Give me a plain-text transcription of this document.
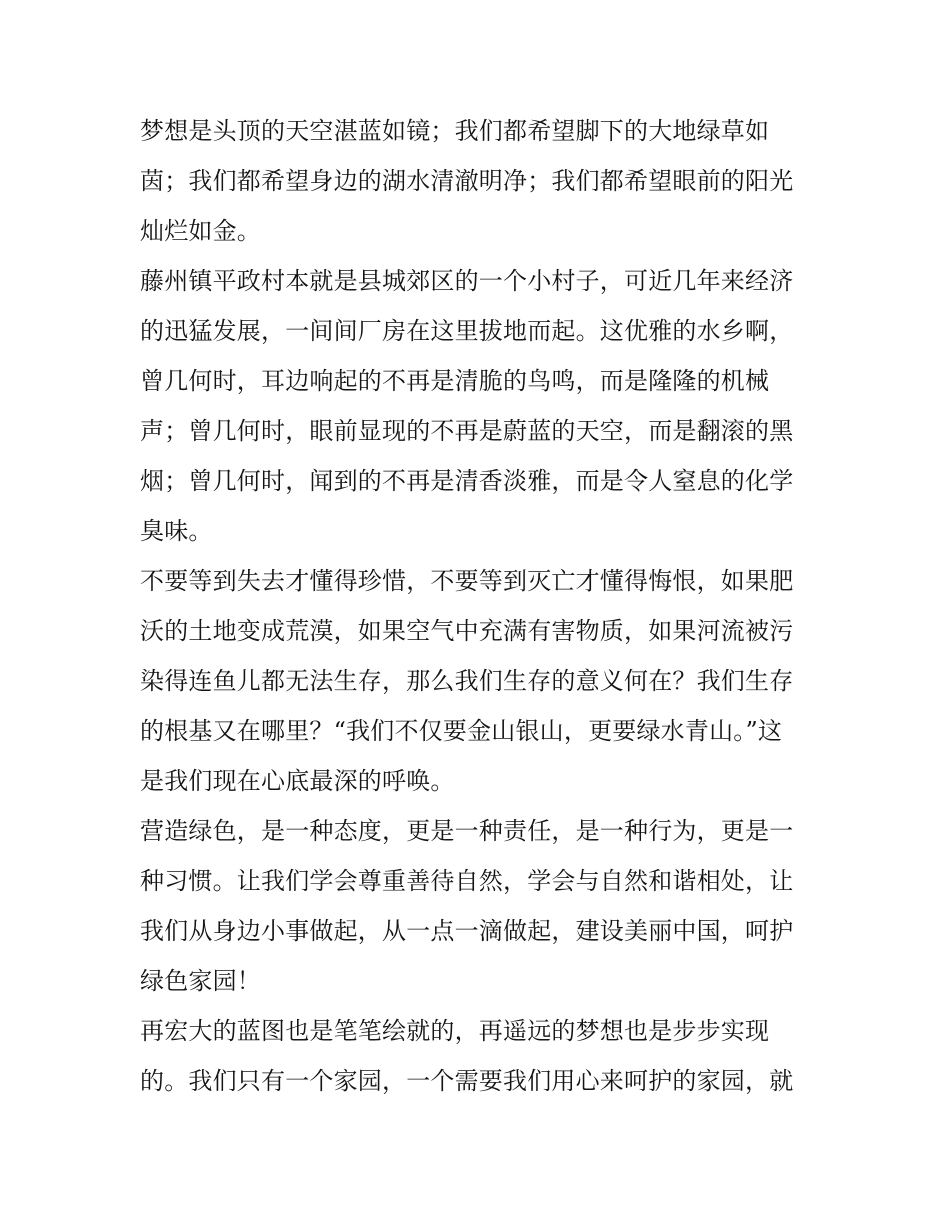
梦想是头顶的天空湛蓝如镜；我们都希望脚下的大地绿草如
茵；我们都希望身边的湖水清澈明净；我们都希望眼前的阳光
灿烂如金。
藤州镇平政村本就是县城郊区的一个小村子，可近几年来经济
的迅猛发展，一间间厂房在这里拔地而起。这优雅的水乡啊，
曾几何时，耳边响起的不再是清脆的鸟鸣，而是隆隆的机械
声；曾几何时，眼前显现的不再是蔚蓝的天空，而是翻滚的黑
烟；曾几何时，闻到的不再是清香淡雅，而是令人窒息的化学
臭味。
不要等到失去才懂得珍惜，不要等到灭亡才懂得悔恨，如果肥
沃的土地变成荒漠，如果空气中充满有害物质，如果河流被污
染得连鱼儿都无法生存，那么我们生存的意义何在？我们生存
的根基又在哪里？“我们不仅要金山银山，更要绿水青山。”这
是我们现在心底最深的呼唤。
营造绿色，是一种态度，更是一种责任，是一种行为，更是一
种习惯。让我们学会尊重善待自然，学会与自然和谐相处，让
我们从身边小事做起，从一点一滴做起，建设美丽中国，呵护
绿色家园！
再宏大的蓝图也是笔笔绘就的，再遥远的梦想也是步步实现
的。我们只有一个家园，一个需要我们用心来呵护的家园，就
